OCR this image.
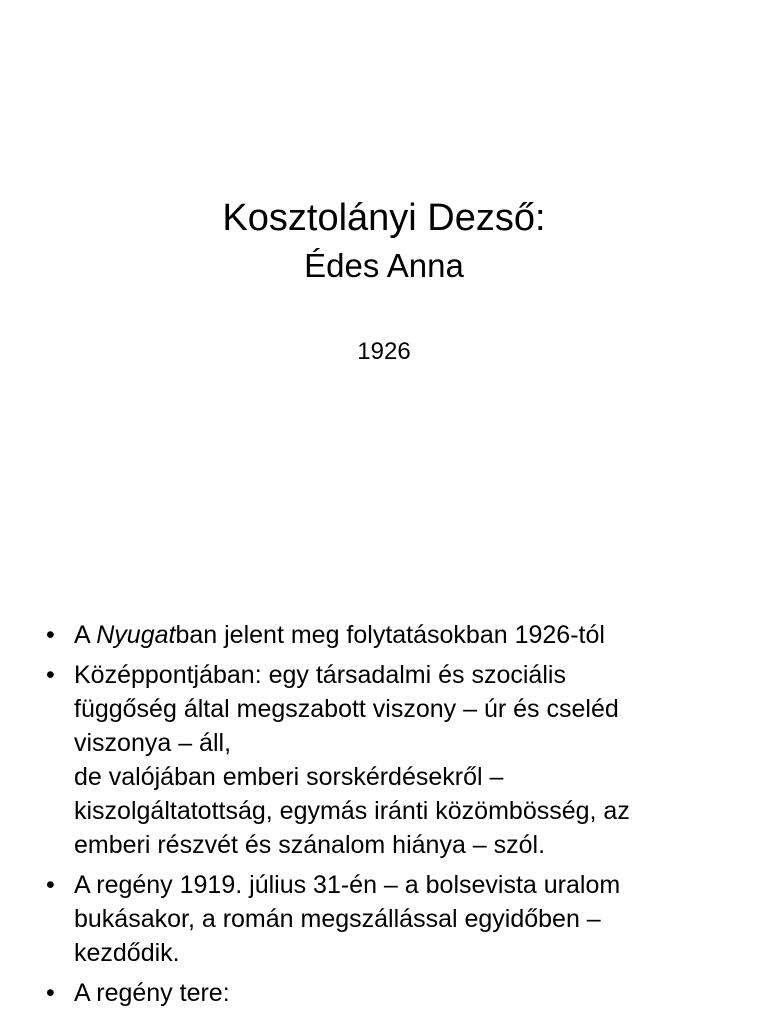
Kosztolányi Dezső:
Édes Anna
1926
• A Nyugatban jelent meg folytatásokban 1926-tól
• Középpontjában: egy társadalmi és szociális
függőség által megszabott viszony – úr és cseléd
viszonya – áll,
de valójában emberi sorskérdésekről –
kiszolgáltatottság, egymás iránti közömbösség, az
emberi részvét és szánalom hiánya – szól.
• A regény 1919. július 31-én – a bolsevista uralom
bukásakor, a román megszállással egyidőben –
kezdődik.
• A regény tere:
